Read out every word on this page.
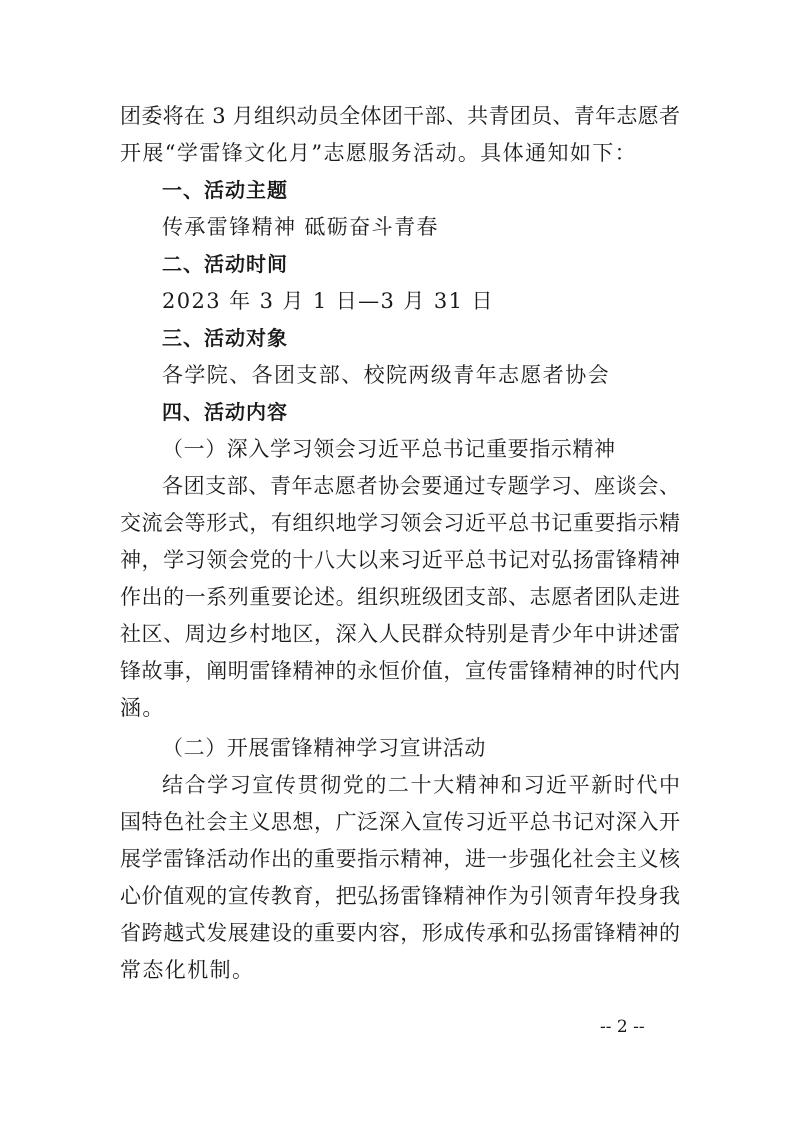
团委将在 3 月组织动员全体团干部、共青团员、青年志愿者
开展“学雷锋文化月”志愿服务活动。具体通知如下：
一、活动主题
传承雷锋精神 砥砺奋斗青春
二、活动时间
2023 年 3 月 1 日—3 月 31 日
三、活动对象
各学院、各团支部、校院两级青年志愿者协会
四、活动内容
（一）深入学习领会习近平总书记重要指示精神
各团支部、青年志愿者协会要通过专题学习、座谈会、
交流会等形式，有组织地学习领会习近平总书记重要指示精
神，学习领会党的十八大以来习近平总书记对弘扬雷锋精神
作出的一系列重要论述。组织班级团支部、志愿者团队走进
社区、周边乡村地区，深入人民群众特别是青少年中讲述雷
锋故事，阐明雷锋精神的永恒价值，宣传雷锋精神的时代内
涵。
（二）开展雷锋精神学习宣讲活动
结合学习宣传贯彻党的二十大精神和习近平新时代中
国特色社会主义思想，广泛深入宣传习近平总书记对深入开
展学雷锋活动作出的重要指示精神，进一步强化社会主义核
心价值观的宣传教育，把弘扬雷锋精神作为引领青年投身我
省跨越式发展建设的重要内容，形成传承和弘扬雷锋精神的
常态化机制。
-- 2 --
